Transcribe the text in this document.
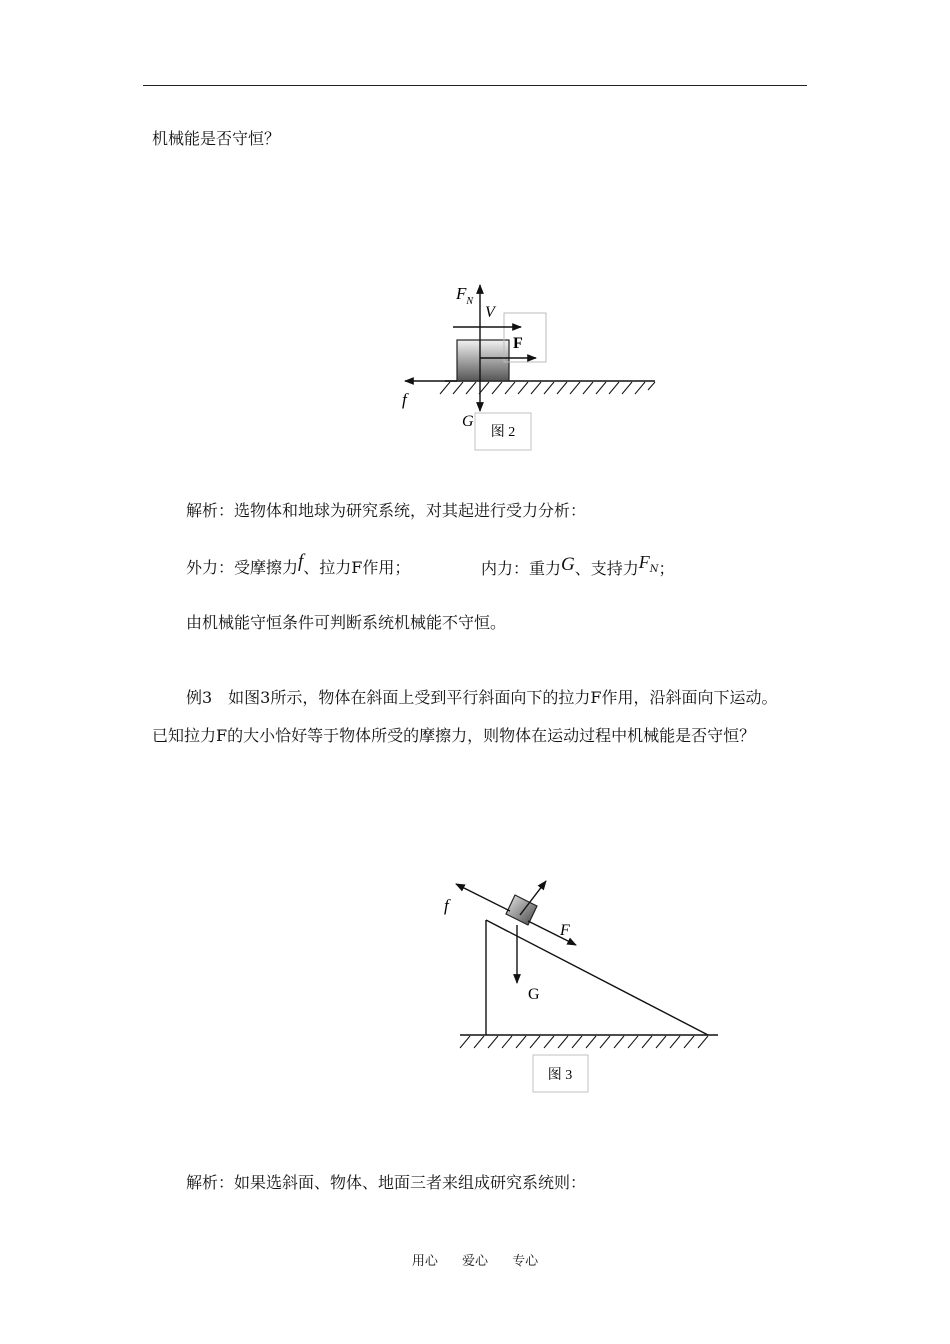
机械能是否守恒？
$F_N$
V
F
f
G
图 2
解析：选物体和地球为研究系统，对其起进行受力分析：
外力：受摩擦力f、拉力F作用；	内力：重力G、支持力FN；
由机械能守恒条件可判断系统机械能不守恒。
例3　如图3所示，物体在斜面上受到平行斜面向下的拉力F作用，沿斜面向下运动。
已知拉力F的大小恰好等于物体所受的摩擦力，则物体在运动过程中机械能是否守恒？
f
F
G
图 3
解析：如果选斜面、物体、地面三者来组成研究系统则：
用心 爱心 专心
